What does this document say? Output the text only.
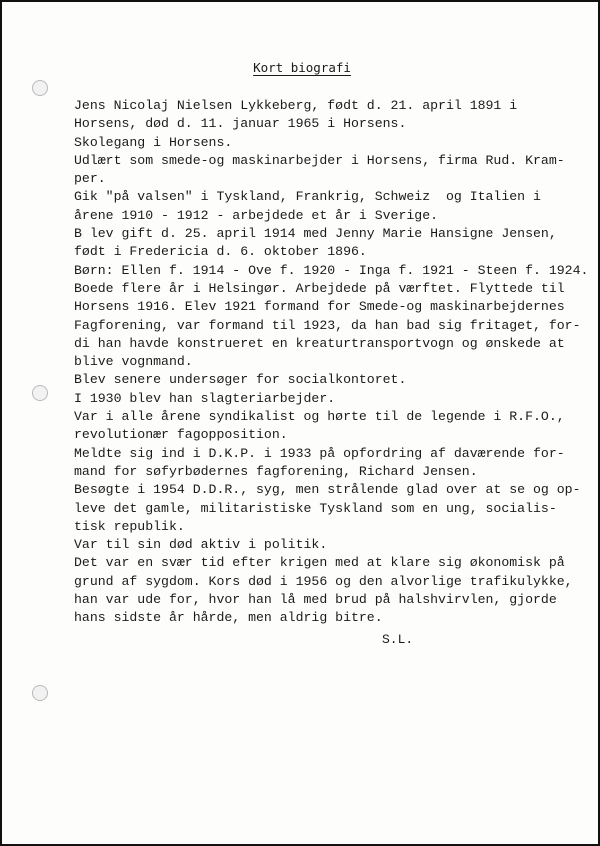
Kort biografi
Jens Nicolaj Nielsen Lykkeberg, født d. 21. april 1891 i
Horsens, død d. 11. januar 1965 i Horsens.
Skolegang i Horsens.
Udlært som smede-og maskinarbejder i Horsens, firma Rud. Kram-
per.
Gik "på valsen" i Tyskland, Frankrig, Schweiz  og Italien i
årene 1910 - 1912 - arbejdede et år i Sverige.
B lev gift d. 25. april 1914 med Jenny Marie Hansigne Jensen,
født i Fredericia d. 6. oktober 1896.
Børn: Ellen f. 1914 - Ove f. 1920 - Inga f. 1921 - Steen f. 1924.
Boede flere år i Helsingør. Arbejdede på værftet. Flyttede til
Horsens 1916. Elev 1921 formand for Smede-og maskinarbejdernes
Fagforening, var formand til 1923, da han bad sig fritaget, for-
di han havde konstrueret en kreaturtransportvogn og ønskede at
blive vognmand.
Blev senere undersøger for socialkontoret.
I 1930 blev han slagteriarbejder.
Var i alle årene syndikalist og hørte til de legende i R.F.O.,
revolutionær fagopposition.
Meldte sig ind i D.K.P. i 1933 på opfordring af daværende for-
mand for søfyrbødernes fagforening, Richard Jensen.
Besøgte i 1954 D.D.R., syg, men strålende glad over at se og op-
leve det gamle, militaristiske Tyskland som en ung, socialis-
tisk republik.
Var til sin død aktiv i politik.
Det var en svær tid efter krigen med at klare sig økonomisk på
grund af sygdom. Kors død i 1956 og den alvorlige trafikulykke,
han var ude for, hvor han lå med brud på halshvirvlen, gjorde
hans sidste år hårde, men aldrig bitre.
S.L.
